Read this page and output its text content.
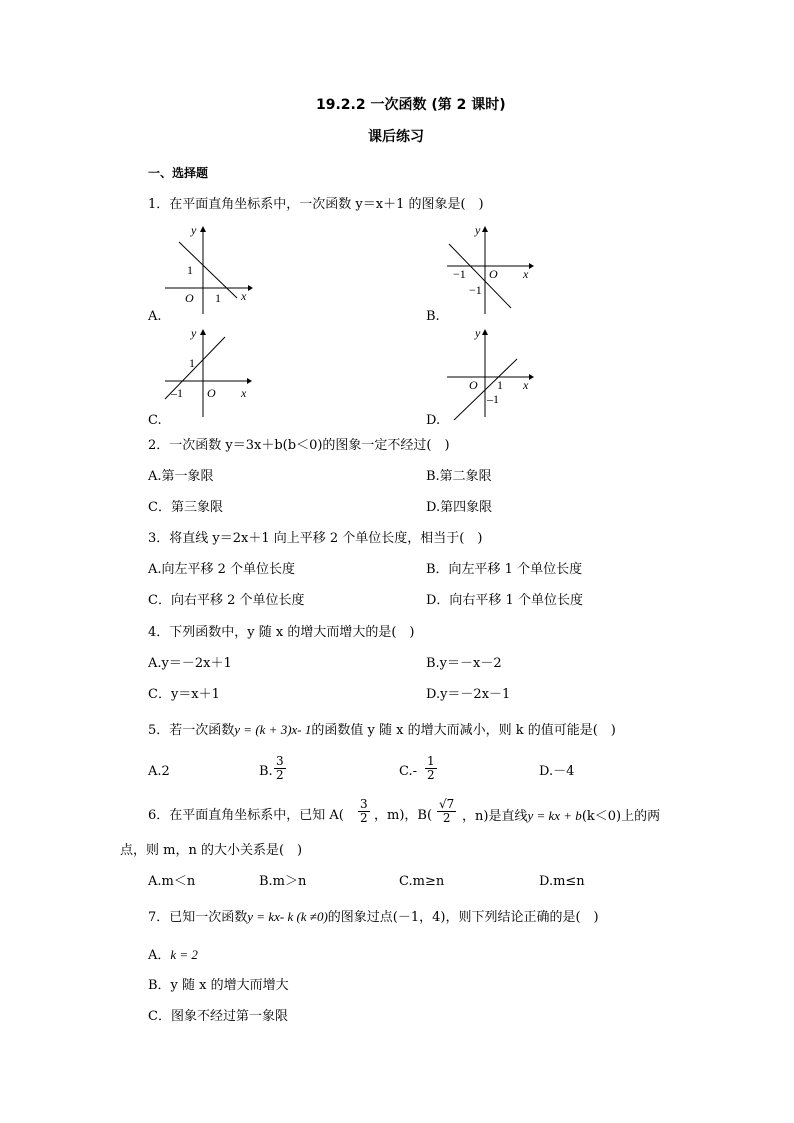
19.2.2 一次函数 (第 2 课时)
课后练习
一、选择题
1．在平面直角坐标系中，一次函数 y＝x＋1 的图象是(　)
y
x
O
1
1
A.
y
x
O
−1
−1
B.
y
x
O
1
–1
C.
y
x
O 1
–1
D.
2．一次函数 y＝3x＋b(b＜0)的图象一定不经过(　)
A.第一象限	B.第二象限
C．第三象限	D.第四象限
3．将直线 y＝2x＋1 向上平移 2 个单位长度，相当于(　)
A.向左平移 2 个单位长度	B．向左平移 1 个单位长度
C．向右平移 2 个单位长度	D．向右平移 1 个单位长度
4．下列函数中，y 随 x 的增大而增大的是(　)
A.y＝－2x＋1	B.y＝－x－2
C．y＝x＋1	D.y＝－2x－1
5．若一次函数y = (k + 3)x- 1的函数值 y 随 x 的增大而减小，则 k 的值可能是(　)
A.2	B. $\frac{3}{2}$	$C.- \frac{1}{2}$	D.－4
6．在平面直角坐标系中，已知 $A( \frac{3}{2}$ ，m)，$B( \frac{√7}{2}$ ，n)是直线y = kx + b(k＜0)上的两
点，则 m，n 的大小关系是(　)
A.m＜n	B.m＞n	C.m≥n	D.m≤n
7．已知一次函数y = kx- k (k ≠0)的图象过点(－1，4)，则下列结论正确的是(　)
A．k = 2
B．y 随 x 的增大而增大
C．图象不经过第一象限
